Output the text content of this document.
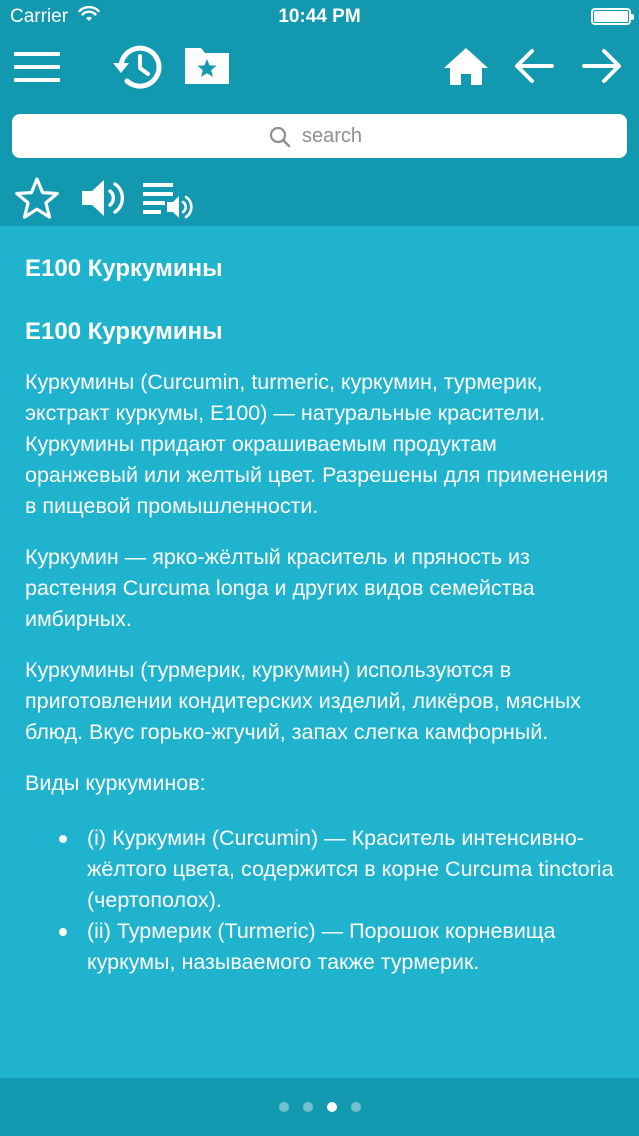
Carrier	10:44 PM
search
E100 Куркумины
E100 Куркумины

Куркумины (Curcumin, turmeric, куркумин, турмерик, экстракт куркумы, E100) — натуральные красители. Куркумины придают окрашиваемым продуктам оранжевый или желтый цвет. Разрешены для применения в пищевой промышленности.

Куркумин — ярко-жёлтый краситель и пряность из растения Curcuma longa и других видов семейства имбирных.

Куркумины (турмерик, куркумин) используются в приготовлении кондитерских изделий, ликёров, мясных блюд. Вкус горько-жгучий, запах слегка камфорный.

Виды куркуминов:

(i) Куркумин (Curcumin) — Краситель интенсивно-жёлтого цвета, содержится в корне Curcuma tinctoria (чертополох).
(ii) Турмерик (Turmeric) — Порошок корневища куркумы, называемого также турмерик.
